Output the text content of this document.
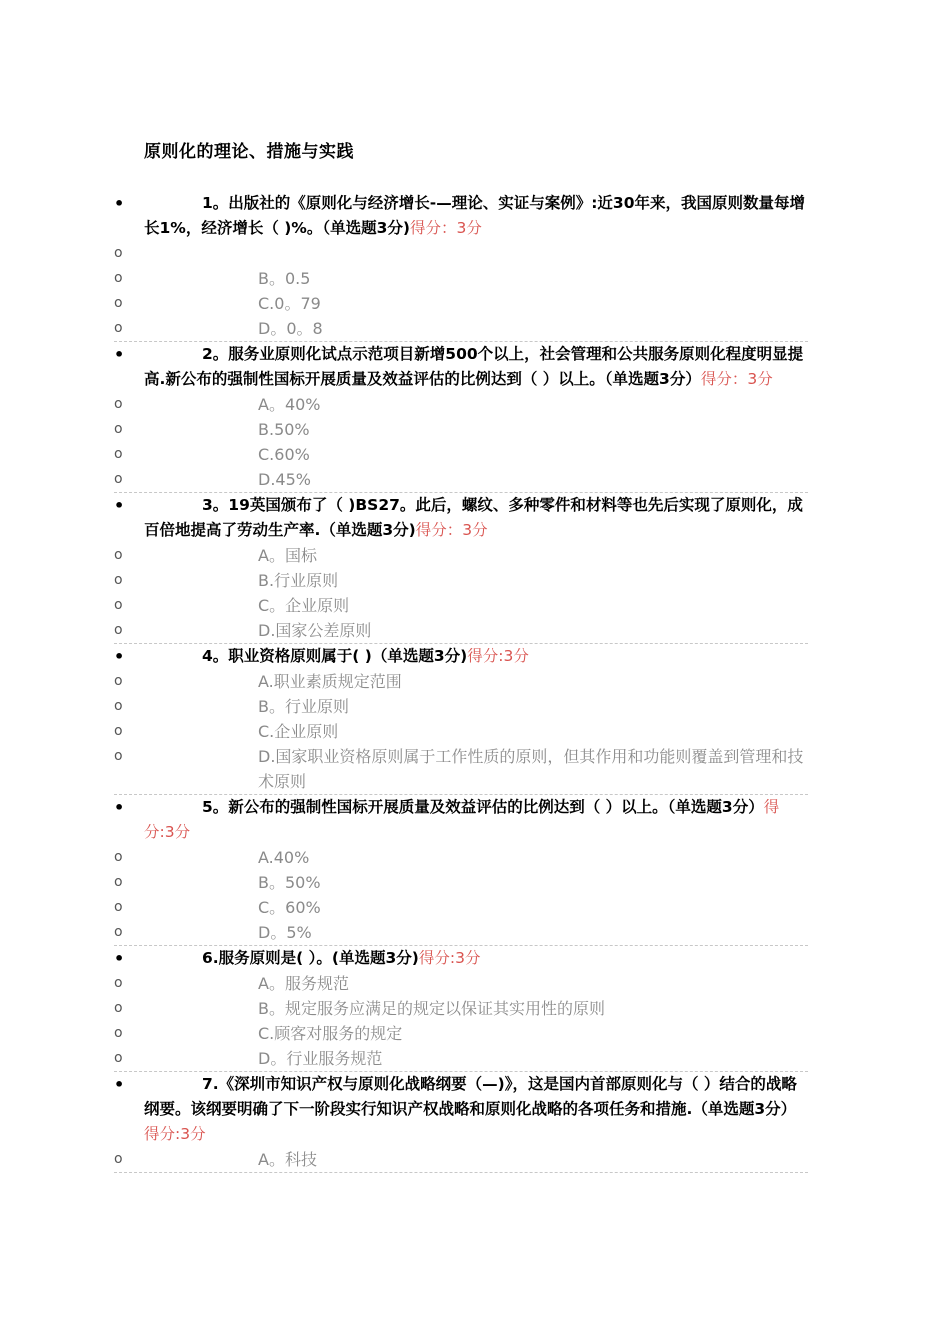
原则化的理论、措施与实践
•	1。出版社的《原则化与经济增长-—理论、实证与案例》:近30年来，我国原则数量每增长1%，经济增长（ )%。（单选题3分)得分：3分
o
o	B。0.5
o	C.0。79
o	D。0。8
•	2。服务业原则化试点示范项目新增500个以上，社会管理和公共服务原则化程度明显提高.新公布的强制性国标开展质量及效益评估的比例达到（ ）以上。（单选题3分）得分：3分
o	A。40%
o	B.50%
o	C.60%
o	D.45%
•	3。19英国颁布了（ )BS27。此后，螺纹、多种零件和材料等也先后实现了原则化，成百倍地提高了劳动生产率.（单选题3分)得分：3分
o	A。国标
o	B.行业原则
o	C。企业原则
o	D.国家公差原则
•	4。职业资格原则属于( )（单选题3分)得分:3分
o	A.职业素质规定范围
o	B。行业原则
o	C.企业原则
o	D.国家职业资格原则属于工作性质的原则，但其作用和功能则覆盖到管理和技术原则
•	5。新公布的强制性国标开展质量及效益评估的比例达到（ ）以上。（单选题3分）得分:3分
o	A.40%
o	B。50%
o	C。60%
o	D。5%
•	6.服务原则是( ）。(单选题3分)得分:3分
o	A。服务规范
o	B。规定服务应满足的规定以保证其实用性的原则
o	C.顾客对服务的规定
o	D。行业服务规范
•	7.《深圳市知识产权与原则化战略纲要（—)》，这是国内首部原则化与（ ）结合的战略纲要。该纲要明确了下一阶段实行知识产权战略和原则化战略的各项任务和措施.（单选题3分）得分:3分
o	A。科技
